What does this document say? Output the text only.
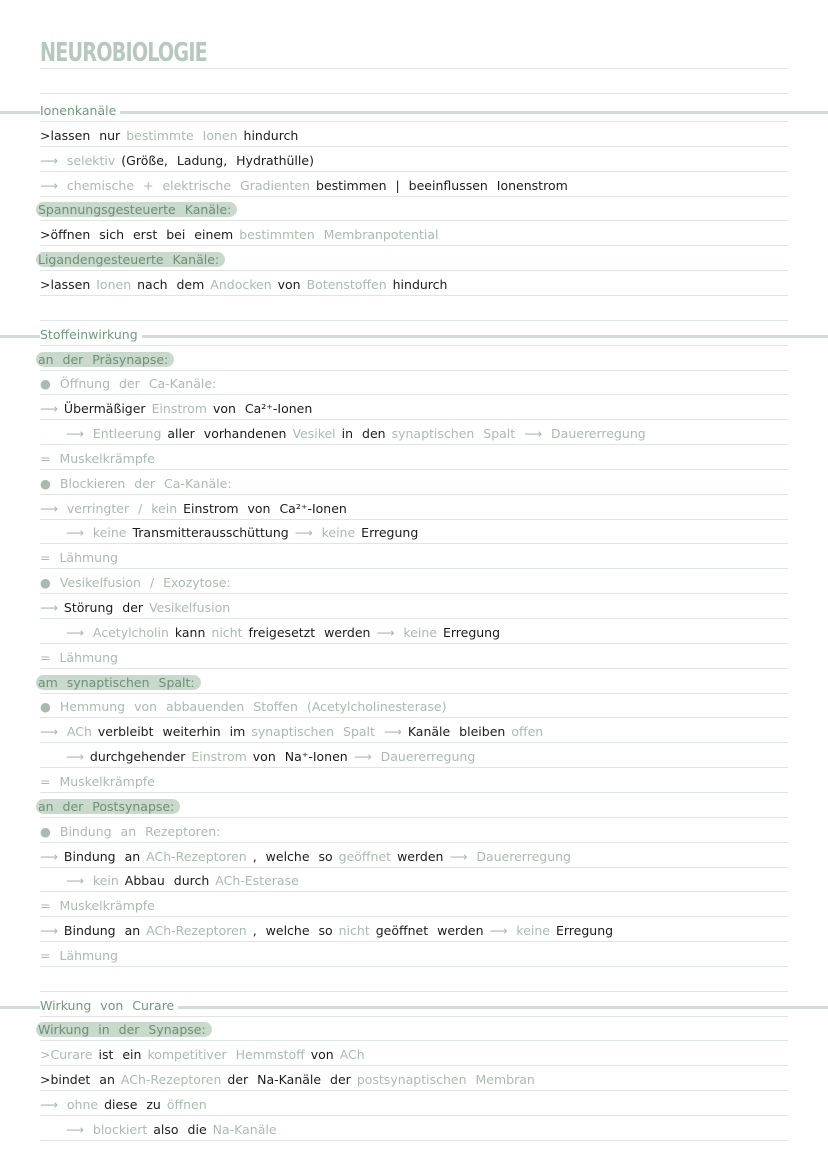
NEUROBIOLOGIE
Ionenkanäle
>lassen nur bestimmte Ionen hindurch
⟶ selektiv (Größe, Ladung, Hydrathülle)
⟶ chemische + elektrische Gradienten bestimmen | beeinflussen Ionenstrom
Spannungsgesteuerte Kanäle:
>öffnen sich erst bei einem bestimmten Membranpotential
Ligandengesteuerte Kanäle:
>lassen Ionen nach dem Andocken von Botenstoffen hindurch
Stoffeinwirkung
an der Präsynapse:
● Öffnung der Ca-Kanäle:
⟶ Übermäßiger Einstrom von Ca²⁺-Ionen
⟶ Entleerung aller vorhandenen Vesikel in den synaptischen Spalt ⟶ Dauererregung
= Muskelkrämpfe
● Blockieren der Ca-Kanäle:
⟶ verringter / kein Einstrom von Ca²⁺-Ionen
⟶ keine Transmitterausschüttung ⟶ keine Erregung
= Lähmung
● Vesikelfusion / Exozytose:
⟶ Störung der Vesikelfusion
⟶ Acetylcholin kann nicht freigesetzt werden ⟶ keine Erregung
= Lähmung
am synaptischen Spalt:
● Hemmung von abbauenden Stoffen (Acetylcholinesterase)
⟶ ACh verbleibt weiterhin im synaptischen Spalt ⟶ Kanäle bleiben offen
⟶ durchgehender Einstrom von Na⁺-Ionen ⟶ Dauererregung
= Muskelkrämpfe
an der Postsynapse:
● Bindung an Rezeptoren:
⟶ Bindung an ACh-Rezeptoren , welche so geöffnet werden ⟶ Dauererregung
⟶ kein Abbau durch ACh-Esterase
= Muskelkrämpfe
⟶ Bindung an ACh-Rezeptoren , welche so nicht geöffnet werden ⟶ keine Erregung
= Lähmung
Wirkung von Curare
Wirkung in der Synapse:
>Curare ist ein kompetitiver Hemmstoff von ACh
>bindet an ACh-Rezeptoren der Na-Kanäle der postsynaptischen Membran
⟶ ohne diese zu öffnen
⟶ blockiert also die Na-Kanäle
